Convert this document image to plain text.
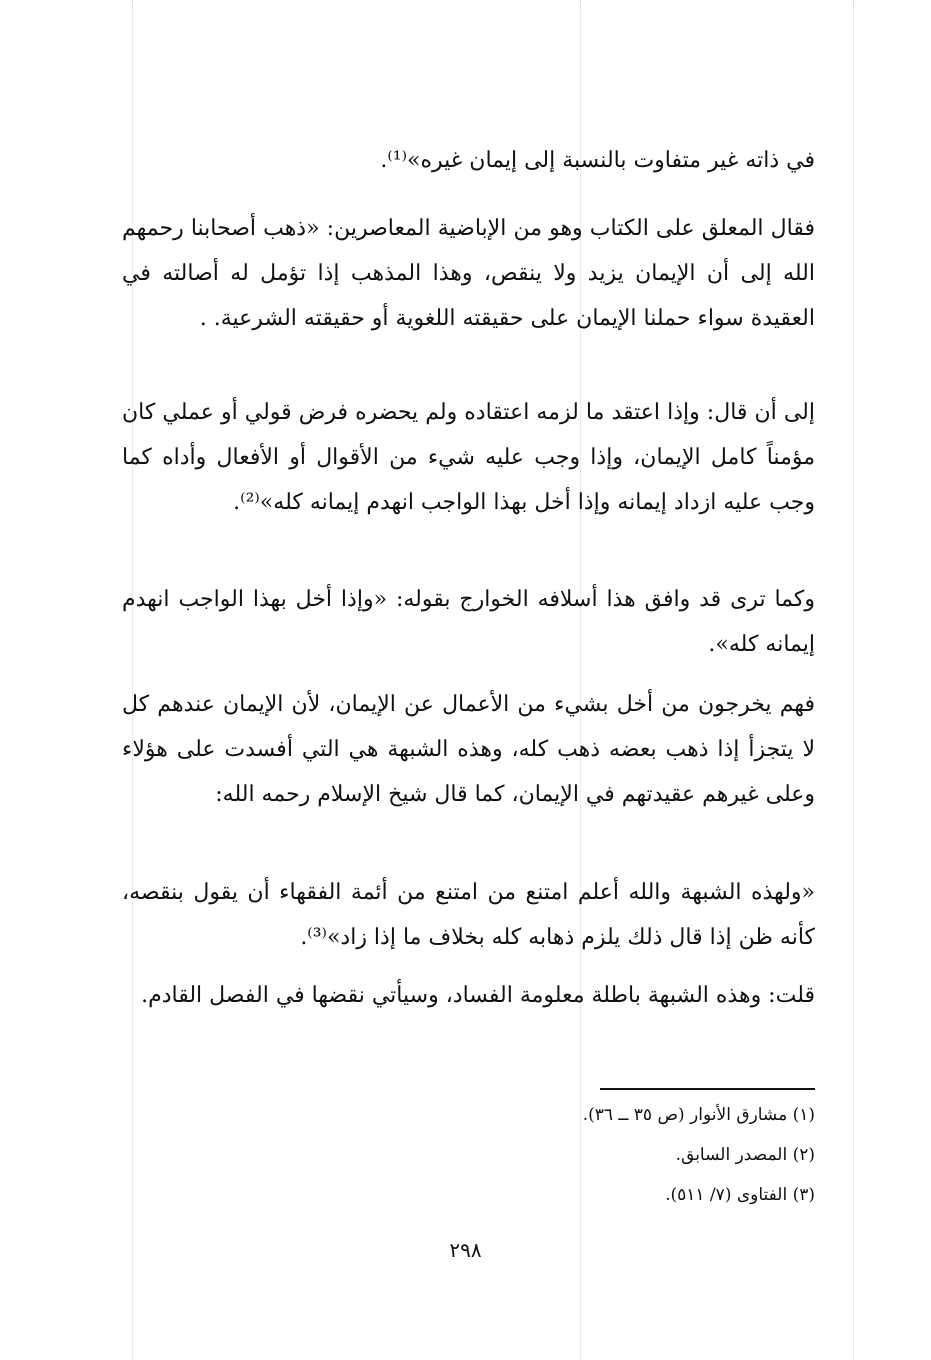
في ذاته غير متفاوت بالنسبة إلى إيمان غيره»⁽¹⁾.

فقال المعلق على الكتاب وهو من الإباضية المعاصرين: «ذهب أصحابنا رحمهم الله إلى أن الإيمان يزيد ولا ينقص، وهذا المذهب إذا تؤمل له أصالته في العقيدة سواء حملنا الإيمان على حقيقته اللغوية أو حقيقته الشرعية. .

إلى أن قال: وإذا اعتقد ما لزمه اعتقاده ولم يحضره فرض قولي أو عملي كان مؤمناً كامل الإيمان، وإذا وجب عليه شيء من الأقوال أو الأفعال وأداه كما وجب عليه ازداد إيمانه وإذا أخل بهذا الواجب انهدم إيمانه كله»⁽²⁾.

وكما ترى قد وافق هذا أسلافه الخوارج بقوله: «وإذا أخل بهذا الواجب انهدم إيمانه كله».

فهم يخرجون من أخل بشيء من الأعمال عن الإيمان، لأن الإيمان عندهم كل لا يتجزأ إذا ذهب بعضه ذهب كله، وهذه الشبهة هي التي أفسدت على هؤلاء وعلى غيرهم عقيدتهم في الإيمان، كما قال شيخ الإسلام رحمه الله:

«ولهذه الشبهة والله أعلم امتنع من امتنع من أئمة الفقهاء أن يقول بنقصه، كأنه ظن إذا قال ذلك يلزم ذهابه كله بخلاف ما إذا زاد»⁽³⁾.

قلت: وهذه الشبهة باطلة معلومة الفساد، وسيأتي نقضها في الفصل القادم.

(١) مشارق الأنوار (ص ٣٥ ــ ٣٦).

(٢) المصدر السابق.

(٣) الفتاوى (٧/ ٥١١).

٢٩٨
